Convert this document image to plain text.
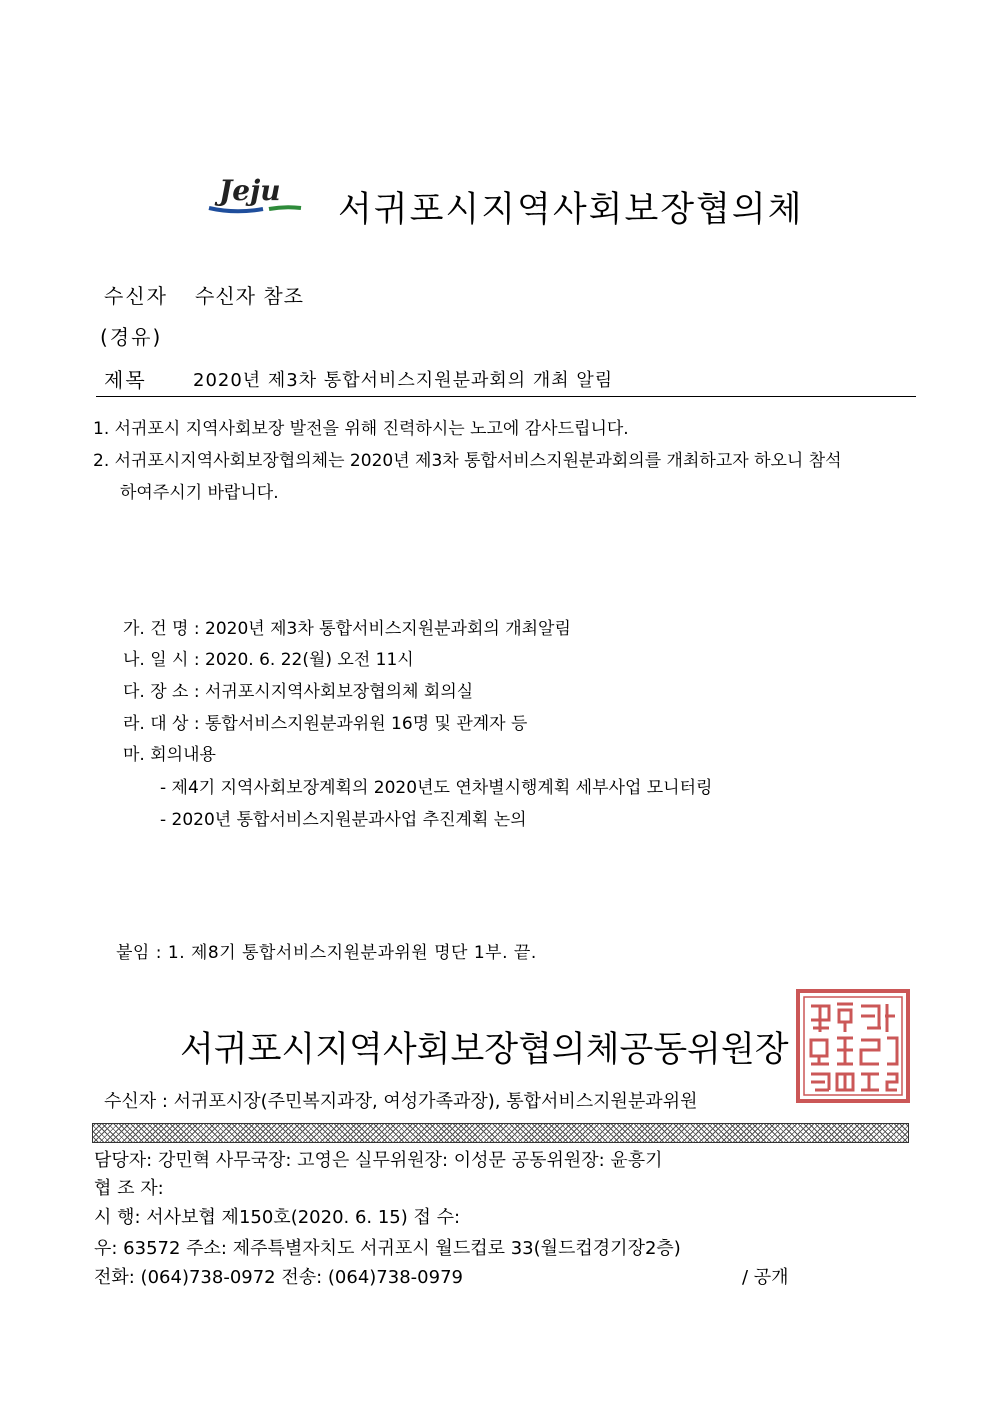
Jeju 서귀포시지역사회보장협의체
수신자 수신자 참조
(경유)
제목	2020년 제3차 통합서비스지원분과회의 개최 알림
1. 서귀포시 지역사회보장 발전을 위해 진력하시는 노고에 감사드립니다.
2. 서귀포시지역사회보장협의체는 2020년 제3차 통합서비스지원분과회의를 개최하고자 하오니 참석
하여주시기 바랍니다.
가. 건 명 : 2020년 제3차 통합서비스지원분과회의 개최알림
나. 일 시 : 2020. 6. 22(월) 오전 11시
다. 장 소 : 서귀포시지역사회보장협의체 회의실
라. 대 상 : 통합서비스지원분과위원 16명 및 관계자 등
마. 회의내용
- 제4기 지역사회보장계획의 2020년도 연차별시행계획 세부사업 모니터링
- 2020년 통합서비스지원분과사업 추진계획 논의
붙임 : 1. 제8기 통합서비스지원분과위원 명단 1부. 끝.
서귀포시지역사회보장협의체공동위원장
수신자 : 서귀포시장(주민복지과장, 여성가족과장), 통합서비스지원분과위원
담당자: 강민혁 사무국장: 고영은 실무위원장: 이성문 공동위원장: 윤흥기
협 조 자:
시 행: 서사보협 제150호(2020. 6. 15) 접 수:
우: 63572 주소: 제주특별자치도 서귀포시 월드컵로 33(월드컵경기장2층)
전화: (064)738-0972 전송: (064)738-0979	/ 공개
